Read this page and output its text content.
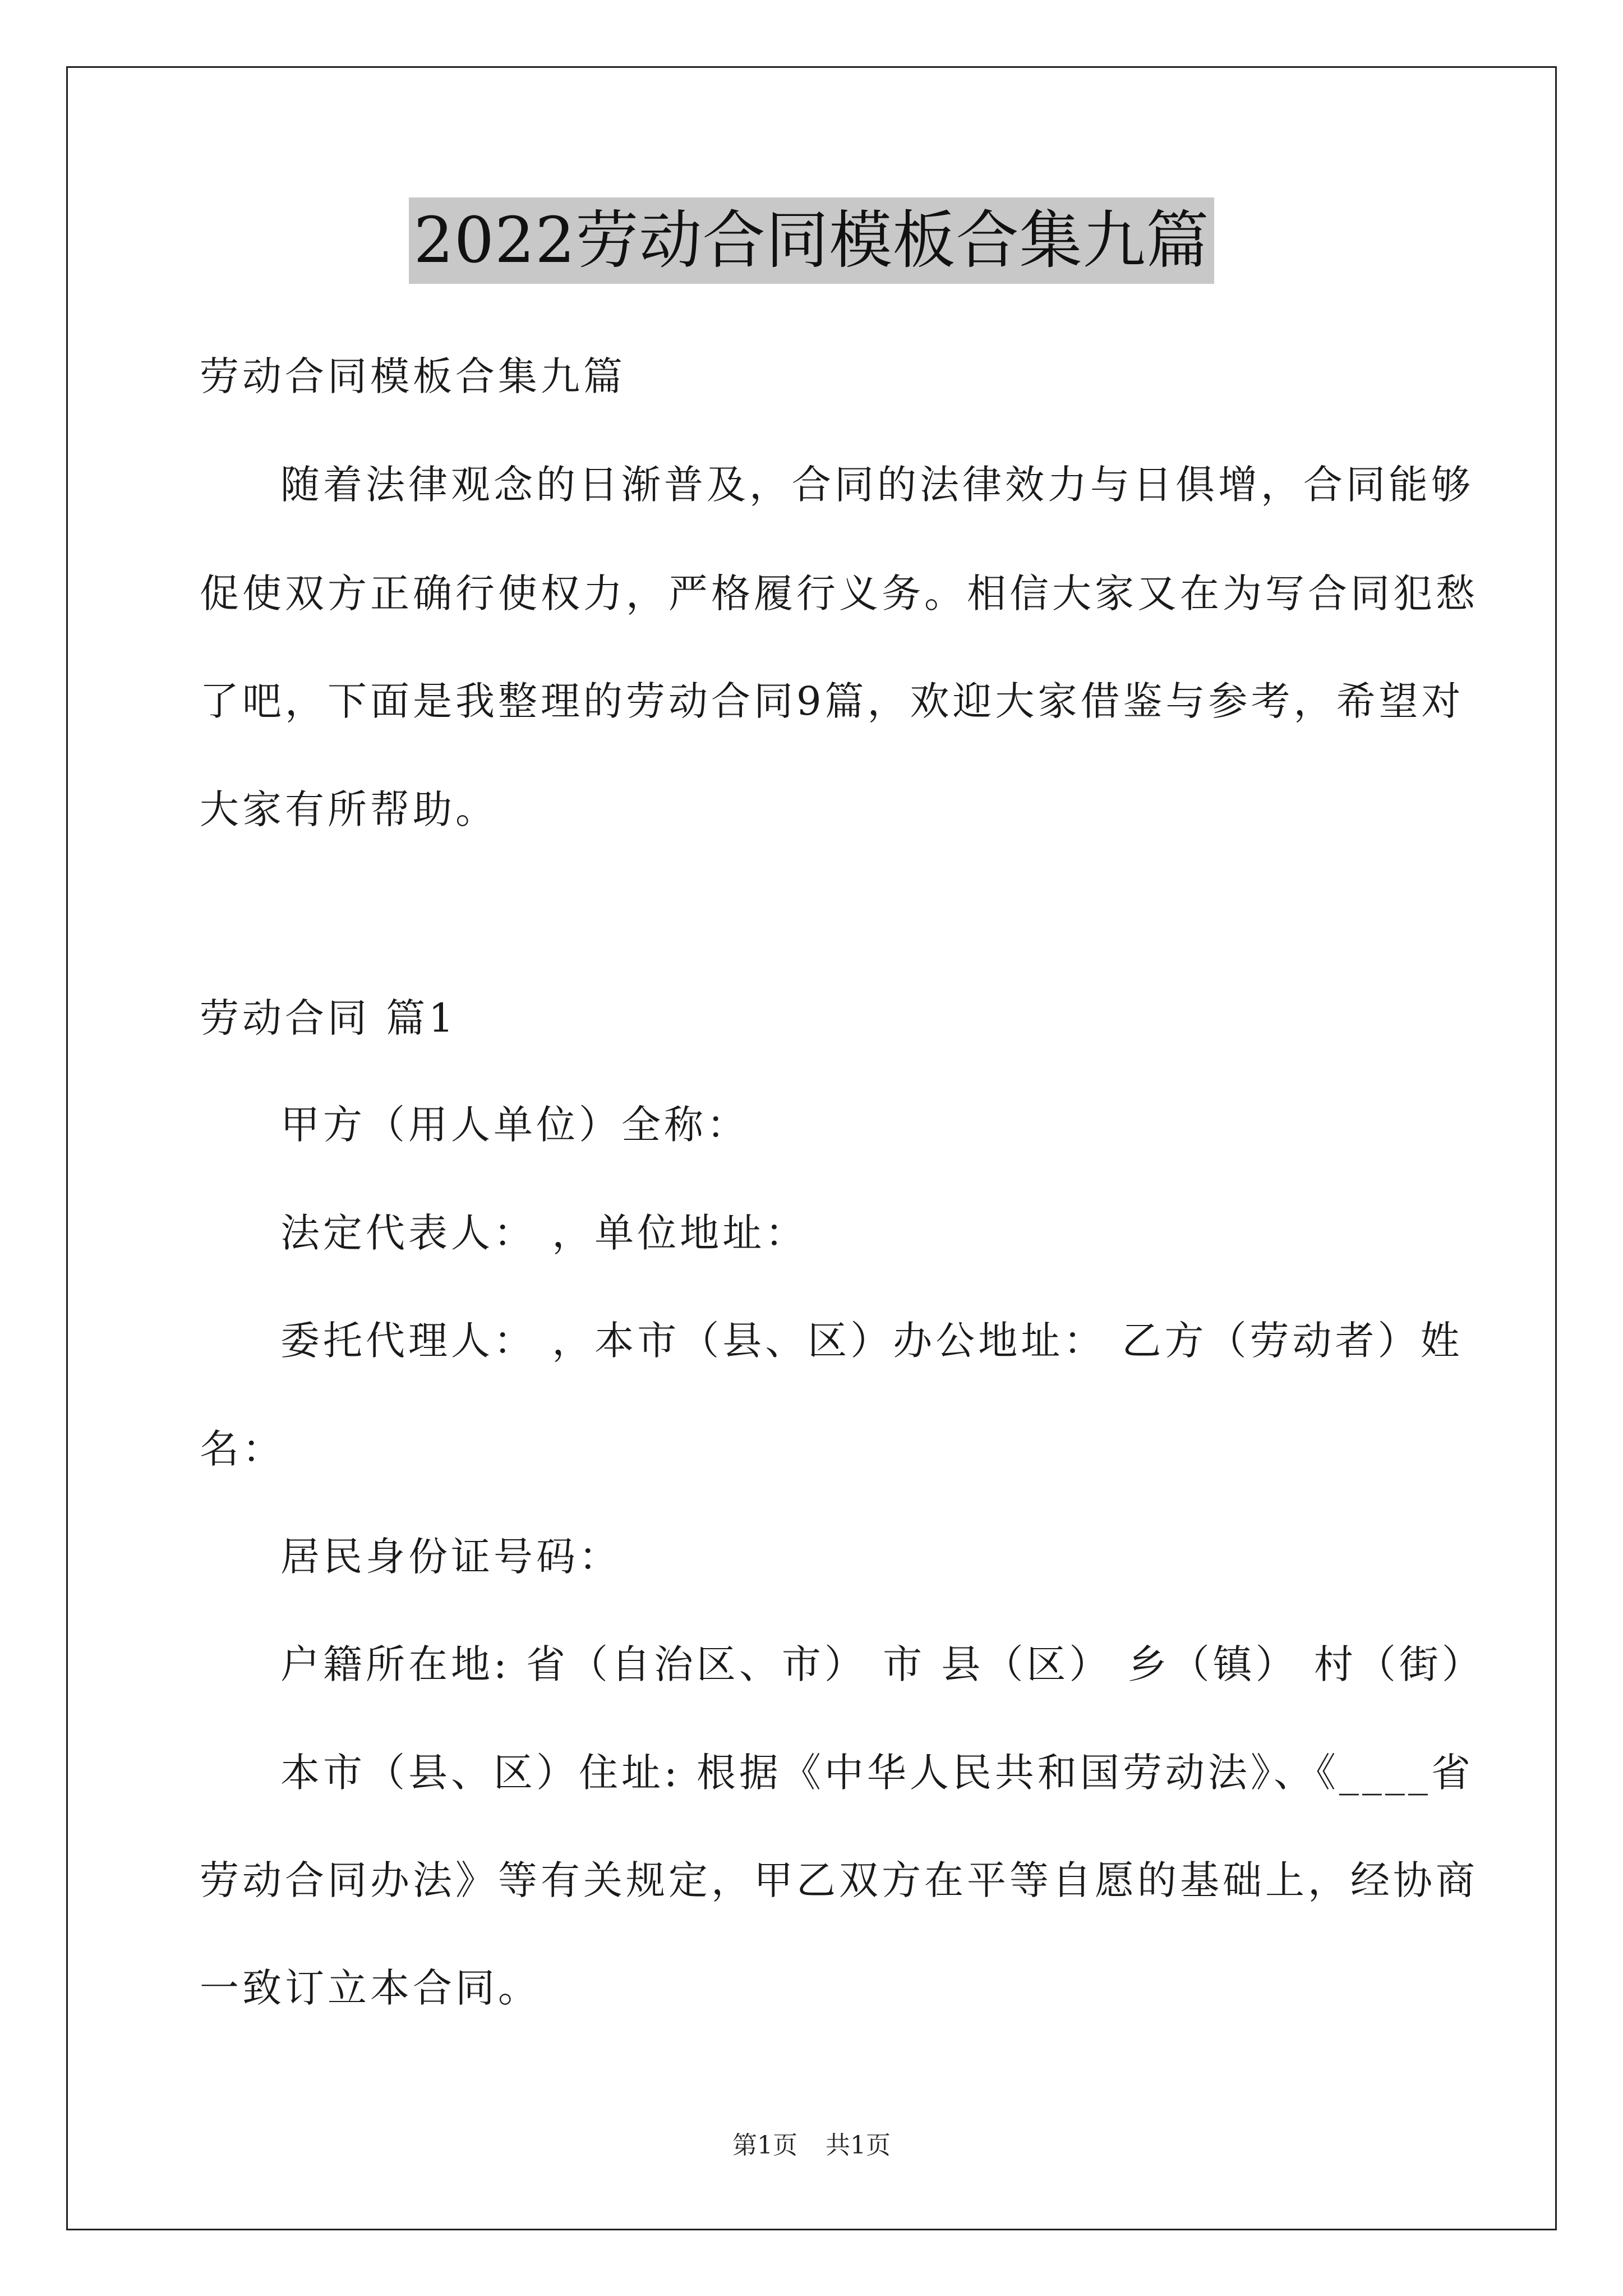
2022劳动合同模板合集九篇
劳动合同模板合集九篇
随着法律观念的日渐普及，合同的法律效力与日俱增，合同能够
促使双方正确行使权力，严格履行义务。相信大家又在为写合同犯愁
了吧，下面是我整理的劳动合同9篇，欢迎大家借鉴与参考，希望对
大家有所帮助。
劳动合同 篇1
甲方（用人单位）全称：
法定代表人： ，单位地址：
委托代理人： ，本市（县、区）办公地址： 乙方（劳动者）姓
名：
居民身份证号码：
户籍所在地: 省（自治区、市） 市 县（区） 乡（镇） 村（街）
本市（县、区）住址: 根据《中华人民共和国劳动法》、《____省
劳动合同办法》等有关规定，甲乙双方在平等自愿的基础上，经协商
一致订立本合同。
第1页 共1页
